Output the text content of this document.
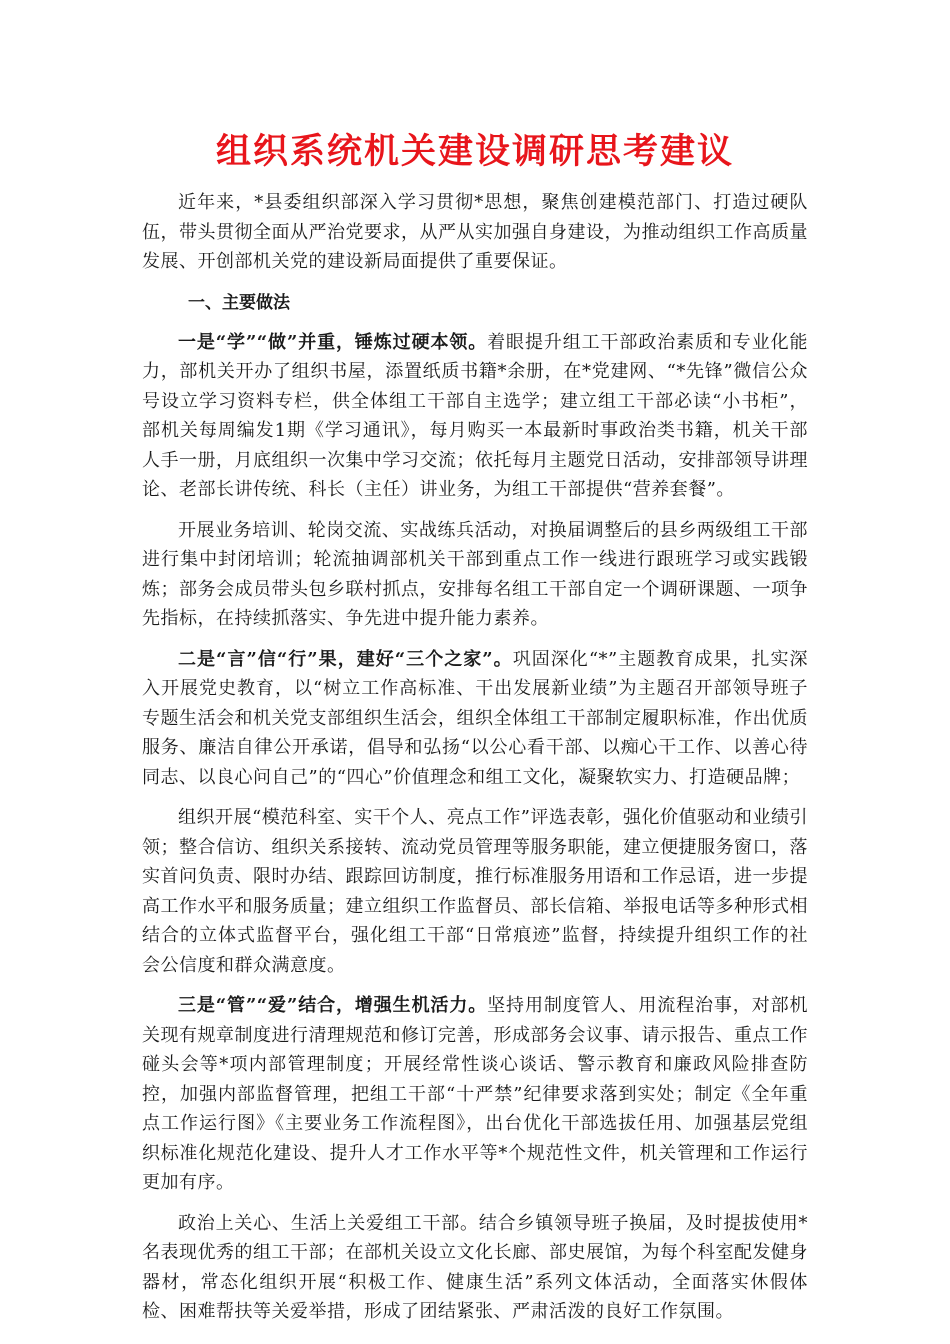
组织系统机关建设调研思考建议

近年来，*县委组织部深入学习贯彻*思想，聚焦创建模范部门、打造过硬队伍，带头贯彻全面从严治党要求，从严从实加强自身建设，为推动组织工作高质量发展、开创部机关党的建设新局面提供了重要保证。

一、主要做法

一是“学”“做”并重，锤炼过硬本领。着眼提升组工干部政治素质和专业化能力，部机关开办了组织书屋，添置纸质书籍*余册，在*党建网、“*先锋”微信公众号设立学习资料专栏，供全体组工干部自主选学；建立组工干部必读“小书柜”，部机关每周编发1期《学习通讯》，每月购买一本最新时事政治类书籍，机关干部人手一册，月底组织一次集中学习交流；依托每月主题党日活动，安排部领导讲理论、老部长讲传统、科长（主任）讲业务，为组工干部提供“营养套餐”。

开展业务培训、轮岗交流、实战练兵活动，对换届调整后的县乡两级组工干部进行集中封闭培训；轮流抽调部机关干部到重点工作一线进行跟班学习或实践锻炼；部务会成员带头包乡联村抓点，安排每名组工干部自定一个调研课题、一项争先指标，在持续抓落实、争先进中提升能力素养。

二是“言”信“行”果，建好“三个之家”。巩固深化“*”主题教育成果，扎实深入开展党史教育，以“树立工作高标准、干出发展新业绩”为主题召开部领导班子专题生活会和机关党支部组织生活会，组织全体组工干部制定履职标准，作出优质服务、廉洁自律公开承诺，倡导和弘扬“以公心看干部、以痴心干工作、以善心待同志、以良心问自己”的“四心”价值理念和组工文化，凝聚软实力、打造硬品牌；

组织开展“模范科室、实干个人、亮点工作”评选表彰，强化价值驱动和业绩引领；整合信访、组织关系接转、流动党员管理等服务职能，建立便捷服务窗口，落实首问负责、限时办结、跟踪回访制度，推行标准服务用语和工作忌语，进一步提高工作水平和服务质量；建立组织工作监督员、部长信箱、举报电话等多种形式相结合的立体式监督平台，强化组工干部“日常痕迹”监督，持续提升组织工作的社会公信度和群众满意度。

三是“管”“爱”结合，增强生机活力。坚持用制度管人、用流程治事，对部机关现有规章制度进行清理规范和修订完善，形成部务会议事、请示报告、重点工作碰头会等*项内部管理制度；开展经常性谈心谈话、警示教育和廉政风险排查防控，加强内部监督管理，把组工干部“十严禁”纪律要求落到实处；制定《全年重点工作运行图》《主要业务工作流程图》，出台优化干部选拔任用、加强基层党组织标准化规范化建设、提升人才工作水平等*个规范性文件，机关管理和工作运行更加有序。

政治上关心、生活上关爱组工干部。结合乡镇领导班子换届，及时提拔使用*名表现优秀的组工干部；在部机关设立文化长廊、部史展馆，为每个科室配发健身器材，常态化组织开展“积极工作、健康生活”系列文体活动，全面落实休假体检、困难帮扶等关爱举措，形成了团结紧张、严肃活泼的良好工作氛围。
